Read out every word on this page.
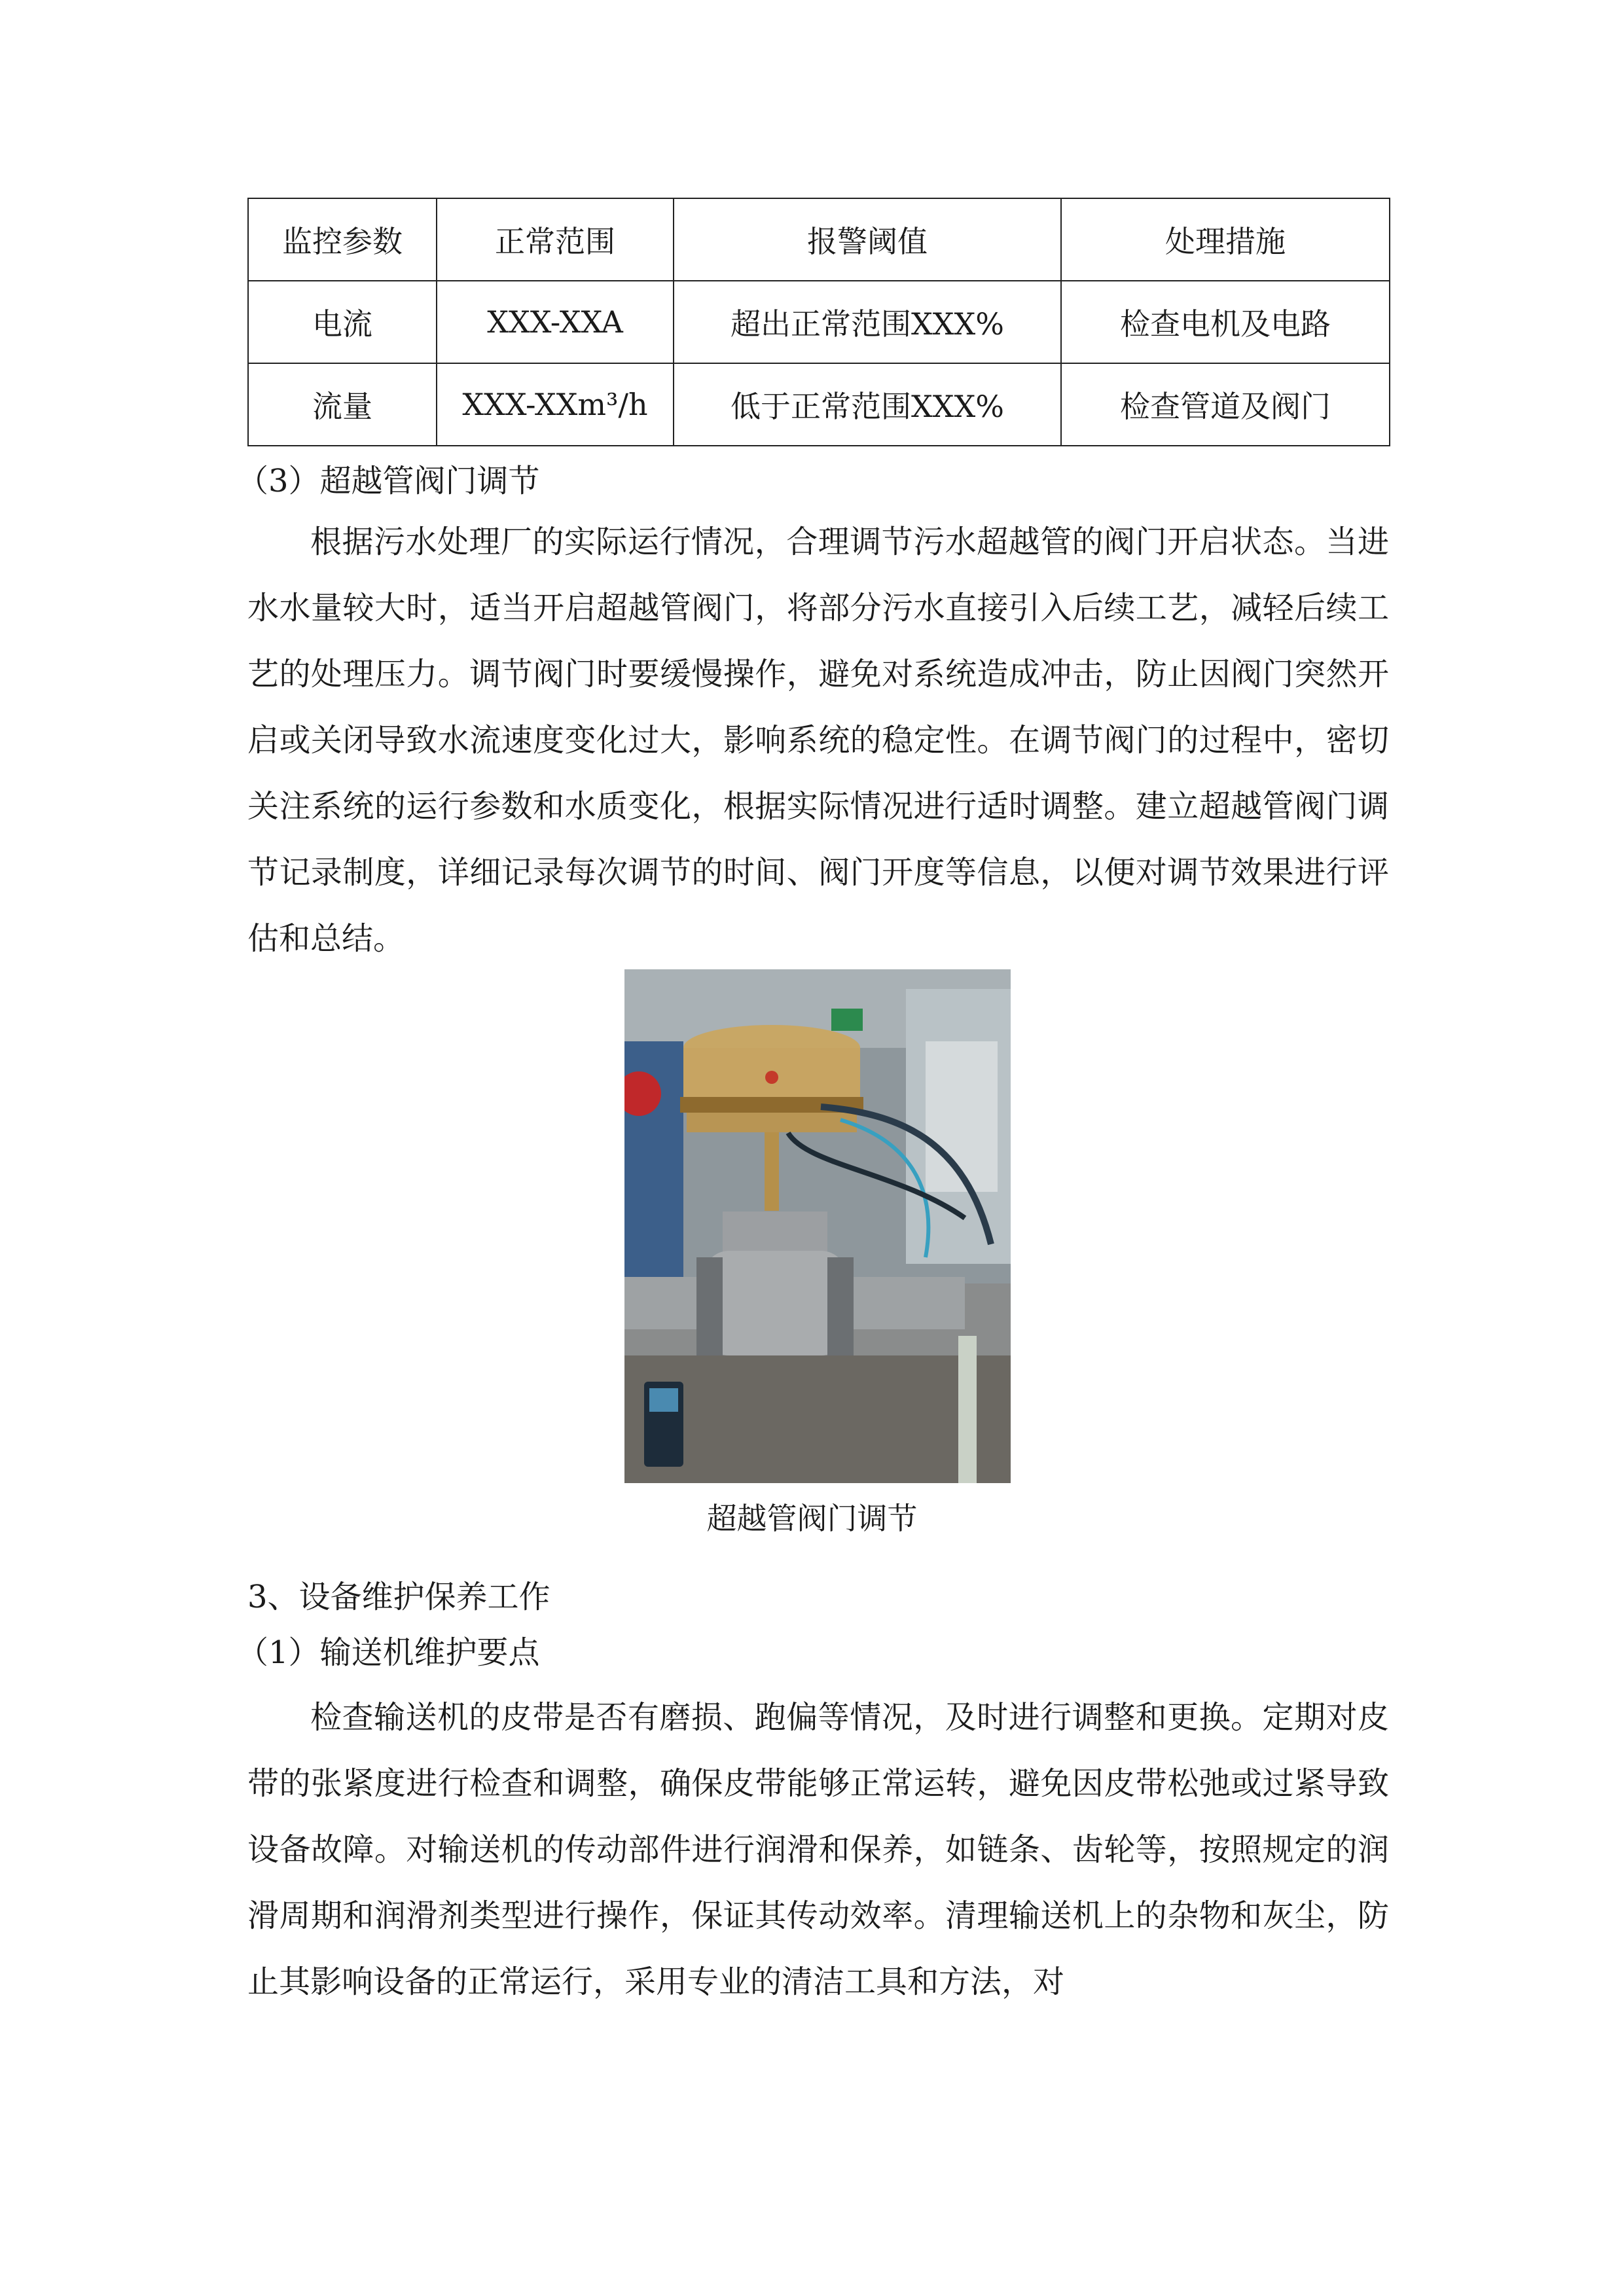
监控参数	正常范围	报警阈值	处理措施
电流	XXX-XXA	超出正常范围XXX%	检查电机及电路
流量	XXX-XXm³/h	低于正常范围XXX%	检查管道及阀门
（3）超越管阀门调节
根据污水处理厂的实际运行情况，合理调节污水超越管的阀门开启状态。当进水水量较大时，适当开启超越管阀门，将部分污水直接引入后续工艺，减轻后续工艺的处理压力。调节阀门时要缓慢操作，避免对系统造成冲击，防止因阀门突然开启或关闭导致水流速度变化过大，影响系统的稳定性。在调节阀门的过程中，密切关注系统的运行参数和水质变化，根据实际情况进行适时调整。建立超越管阀门调节记录制度，详细记录每次调节的时间、阀门开度等信息，以便对调节效果进行评估和总结。
超越管阀门调节
3、设备维护保养工作
（1）输送机维护要点
检查输送机的皮带是否有磨损、跑偏等情况，及时进行调整和更换。定期对皮带的张紧度进行检查和调整，确保皮带能够正常运转，避免因皮带松弛或过紧导致设备故障。对输送机的传动部件进行润滑和保养，如链条、齿轮等，按照规定的润滑周期和润滑剂类型进行操作，保证其传动效率。清理输送机上的杂物和灰尘，防止其影响设备的正常运行，采用专业的清洁工具和方法，对
